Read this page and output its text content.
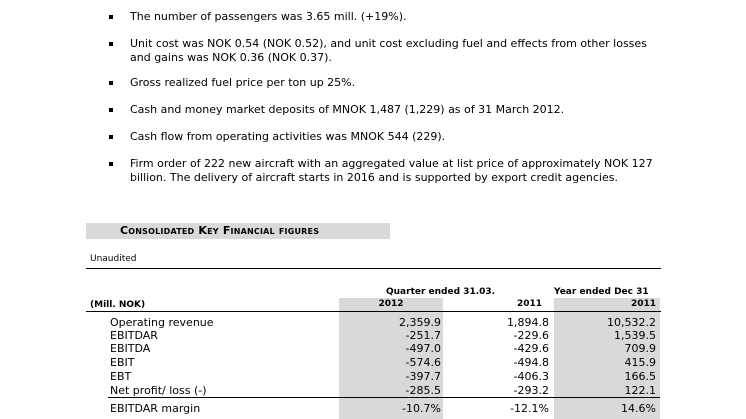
The number of passengers was 3.65 mill. (+19%).
Unit cost was NOK 0.54 (NOK 0.52), and unit cost excluding fuel and effects from other losses and gains was NOK 0.36 (NOK 0.37).
Gross realized fuel price per ton up 25%.
Cash and money market deposits of MNOK 1,487 (1,229) as of 31 March 2012.
Cash flow from operating activities was MNOK 544 (229).
Firm order of 222 new aircraft with an aggregated value at list price of approximately NOK 127 billion. The delivery of aircraft starts in 2016 and is supported by export credit agencies.
Consolidated Key Financial figures
Unaudited
Quarter ended 31.03.	Year ended Dec 31
(Mill. NOK)	2012	2011	2011
Operating revenue	2,359.9	1,894.8	10,532.2
EBITDAR	-251.7	-229.6	1,539.5
EBITDA	-497.0	-429.6	709.9
EBIT	-574.6	-494.8	415.9
EBT	-397.7	-406.3	166.5
Net profit/ loss (-)	-285.5	-293.2	122.1
EBITDAR margin	-10.7%	-12.1%	14.6%
